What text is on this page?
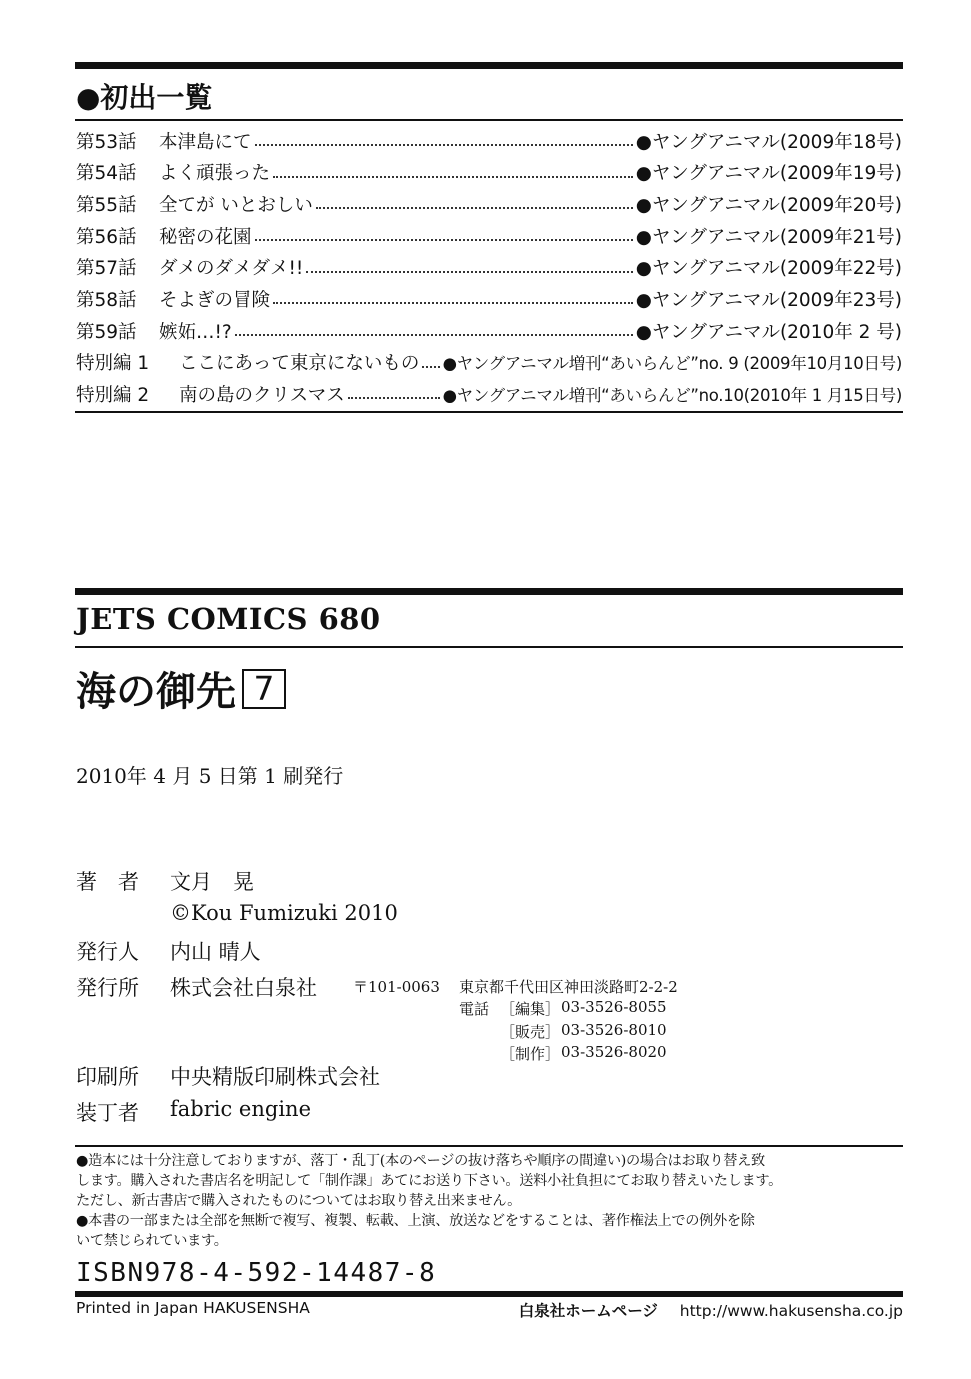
●初出一覧
第53話	本津島にて	●ヤングアニマル(2009年18号)
第54話	よく頑張った	●ヤングアニマル(2009年19号)
第55話	全てが いとおしい	●ヤングアニマル(2009年20号)
第56話	秘密の花園	●ヤングアニマル(2009年21号)
第57話	ダメのダメダメ!!	●ヤングアニマル(2009年22号)
第58話	そよぎの冒険	●ヤングアニマル(2009年23号)
第59話	嫉妬…!?	●ヤングアニマル(2010年 2 号)
特別編 1	ここにあって東京にないもの ●ヤングアニマル増刊“あいらんど”no. 9 (2009年10月10日号)
特別編 2	南の島のクリスマス	●ヤングアニマル増刊“あいらんど”no.10(2010年 1 月15日号)
JETS COMICS 680
海の御先 7
2010年 4 月 5 日第 1 刷発行
著　者 文月　晃
©Kou Fumizuki 2010
発行人 内山 晴人
発行所 株式会社白泉社 〒101-0063 東京都千代田区神田淡路町2-2-2
電話 ［編集］ 03-3526-8055
［販売］ 03-3526-8010
［制作］ 03-3526-8020
印刷所 中央精版印刷株式会社
装丁者 fabric engine

●造本には十分注意しておりますが、落丁・乱丁(本のページの抜け落ちや順序の間違い)の場合はお取り替え致

します。購入された書店名を明記して「制作課」あてにお送り下さい。送料小社負担にてお取り替えいたします。

ただし、新古書店で購入されたものについてはお取り替え出来ません。

●本書の一部または全部を無断で複写、複製、転載、上演、放送などをすることは、著作権法上での例外を除

いて禁じられています。

ISBN978-4-592-14487-8
Printed in Japan HAKUSENSHA	白泉社ホームページ http://www.hakusensha.co.jp
